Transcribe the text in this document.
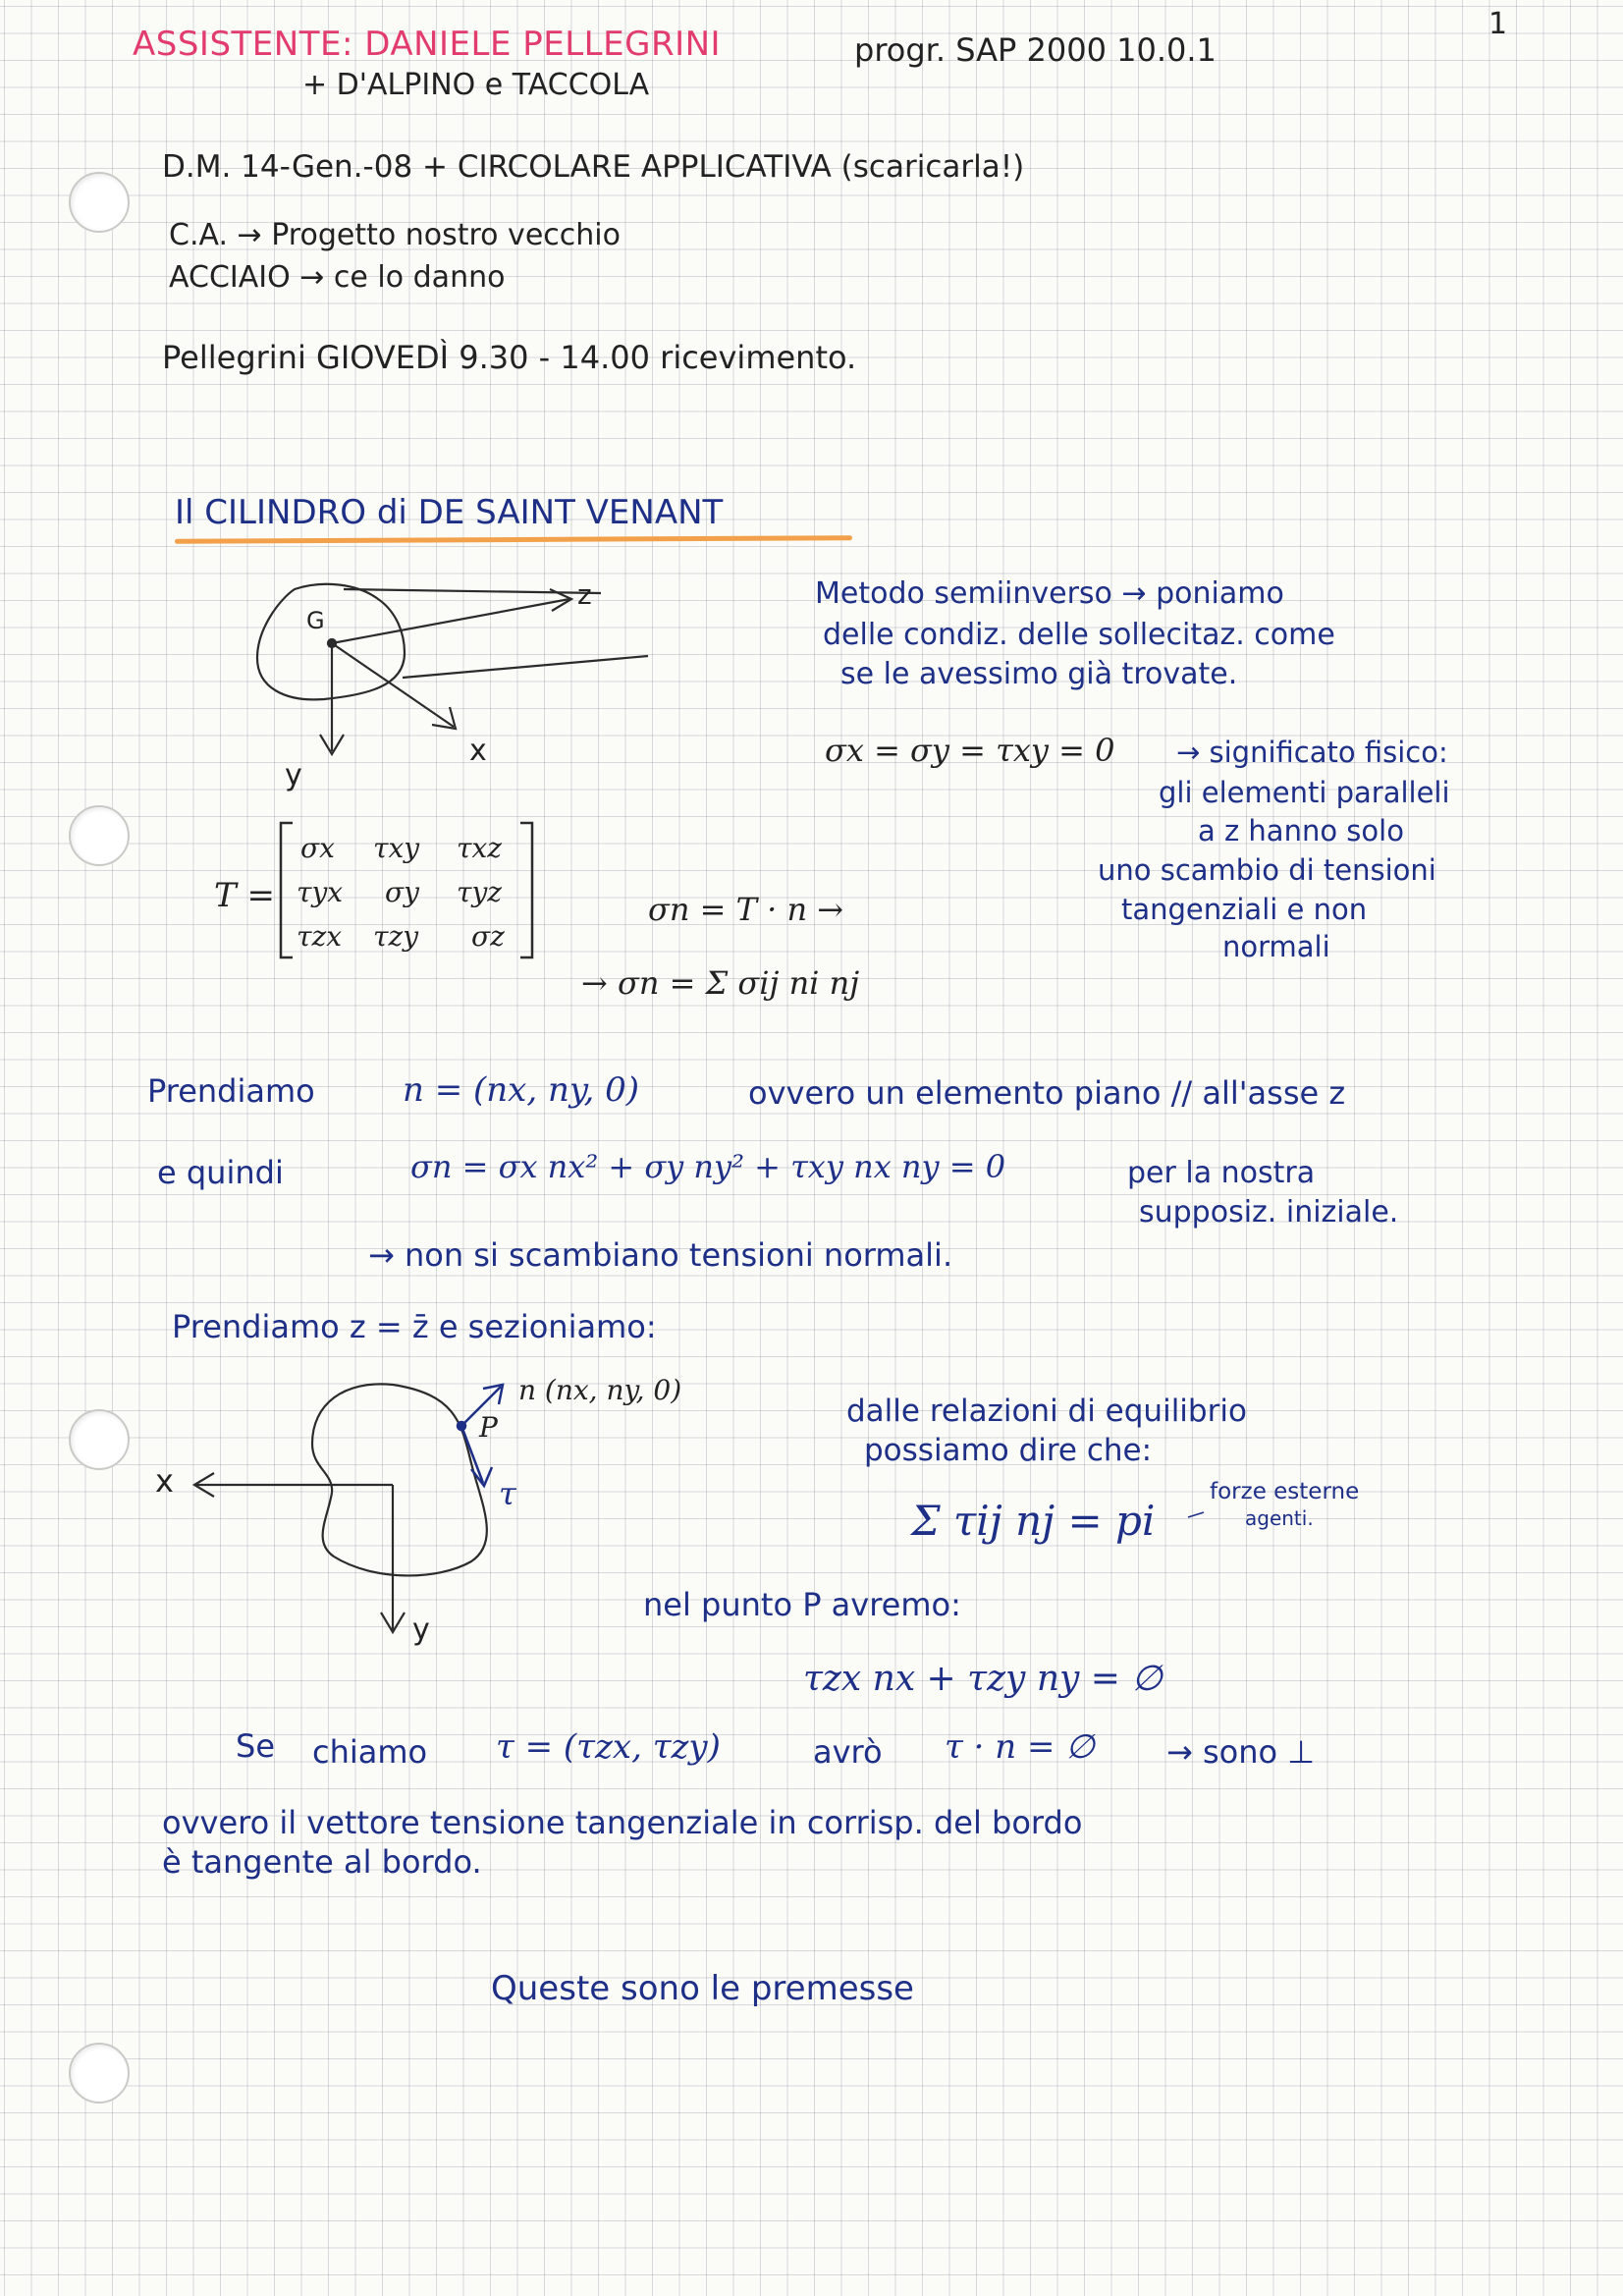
1
ASSISTENTE: DANIELE PELLEGRINI
+ D'ALPINO e TACCOLA
progr. SAP 2000 10.0.1
D.M. 14-Gen.-08 + CIRCOLARE APPLICATIVA (scaricarla!)
C.A. → Progetto nostro vecchio
ACCIAIO → ce lo danno
Pellegrini GIOVEDÌ 9.30 - 14.00 ricevimento.
Il CILINDRO di DE SAINT VENANT
G
z
x
y
Metodo semiinverso → poniamo
delle condiz. delle sollecitaz. come
se le avessimo già trovate.
σx = σy = τxy = 0 → significato fisico:
gli elementi paralleli
a z hanno solo
uno scambio di tensioni
tangenziali e non
normali
T =
σx τxy τxz
τyx σy τyz
τzx τzy σz
σn = T · n →
→ σn = Σ σij ni nj
Prendiamo	n = (nx, ny, 0)	ovvero un elemento piano // all'asse z
e quindi	σn = σx nx² + σy ny² + τxy nx ny = 0	per la nostra
supposiz. iniziale.
→ non si scambiano tensioni normali.
Prendiamo z = z̄ e sezioniamo:
n (nx, ny, 0)
P
τ
x
y
dalle relazioni di equilibrio
possiamo dire che:
Σ τij nj = pi
forze esterne
agenti.
nel punto P avremo:
τzx nx + τzy ny = ∅
Se chiamo τ = (τzx, τzy)	avrò τ · n = ∅ → sono ⊥
ovvero il vettore tensione tangenziale in corrisp. del bordo
è tangente al bordo.
Queste sono le premesse
